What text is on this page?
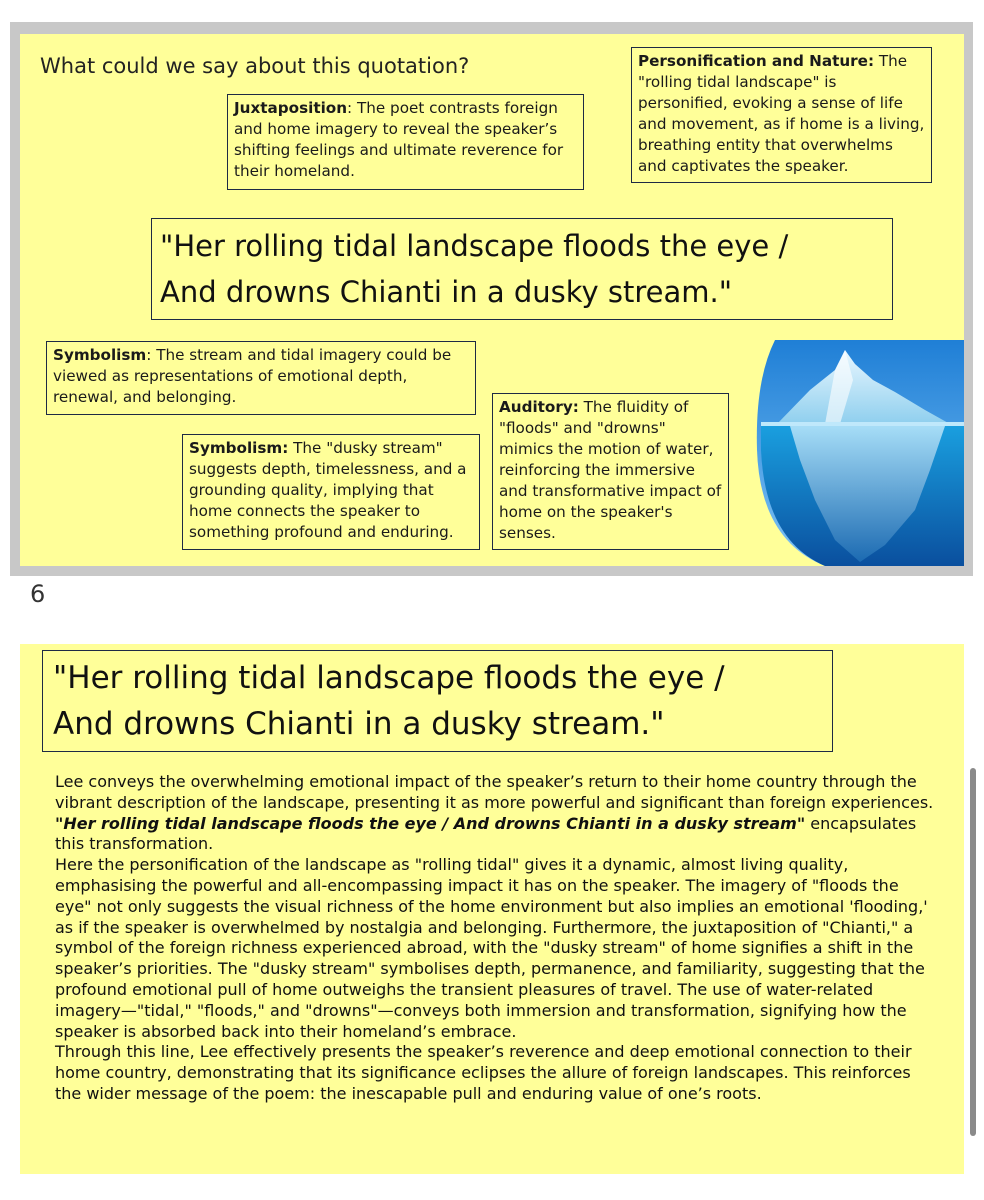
What could we say about this quotation?	Personification and Nature: The "rolling tidal landscape" is personified, evoking a sense of life and movement, as if home is a living, breathing entity that overwhelms and captivates the speaker.
Juxtaposition: The poet contrasts foreign and home imagery to reveal the speaker’s shifting feelings and ultimate reverence for their homeland.
"Her rolling tidal landscape floods the eye /
And drowns Chianti in a dusky stream."
Symbolism: The stream and tidal imagery could be viewed as representations of emotional depth, renewal, and belonging.
Symbolism: The "dusky stream" suggests depth, timelessness, and a grounding quality, implying that home connects the speaker to something profound and enduring.
Auditory: The fluidity of "floods" and "drowns" mimics the motion of water, reinforcing the immersive and transformative impact of home on the speaker's senses.
6
"Her rolling tidal landscape floods the eye /
And drowns Chianti in a dusky stream."
Lee conveys the overwhelming emotional impact of the speaker’s return to their home country through the vibrant description of the landscape, presenting it as more powerful and significant than foreign experiences. "Her rolling tidal landscape floods the eye / And drowns Chianti in a dusky stream" encapsulates this transformation.
Here the personification of the landscape as "rolling tidal" gives it a dynamic, almost living quality, emphasising the powerful and all-encompassing impact it has on the speaker. The imagery of "floods the eye" not only suggests the visual richness of the home environment but also implies an emotional 'flooding,' as if the speaker is overwhelmed by nostalgia and belonging. Furthermore, the juxtaposition of "Chianti," a symbol of the foreign richness experienced abroad, with the "dusky stream" of home signifies a shift in the speaker’s priorities. The "dusky stream" symbolises depth, permanence, and familiarity, suggesting that the profound emotional pull of home outweighs the transient pleasures of travel. The use of water-related imagery—"tidal," "floods," and "drowns"—conveys both immersion and transformation, signifying how the speaker is absorbed back into their homeland’s embrace.
Through this line, Lee effectively presents the speaker’s reverence and deep emotional connection to their home country, demonstrating that its significance eclipses the allure of foreign landscapes. This reinforces the wider message of the poem: the inescapable pull and enduring value of one’s roots.
